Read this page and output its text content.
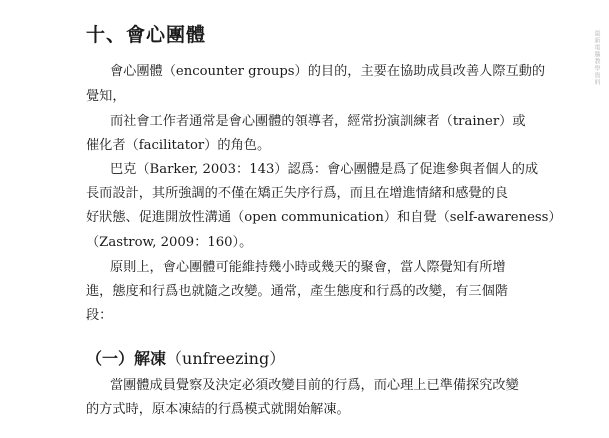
最新電腦教學資料
十、會心團體
會心團體（encounter groups）的目的，主要在協助成員改善人際互動的
覺知，
而社會工作者通常是會心團體的領導者，經常扮演訓練者（trainer）或
催化者（facilitator）的角色。
巴克（Barker, 2003：143）認爲：會心團體是爲了促進參與者個人的成
長而設計，其所強調的不僅在矯正失序行爲，而且在增進情緒和感覺的良
好狀態、促進開放性溝通（open communication）和自覺（self-awareness）
（Zastrow, 2009：160）。
原則上，會心團體可能維持幾小時或幾天的聚會，當人際覺知有所增
進，態度和行爲也就隨之改變。通常，產生態度和行爲的改變，有三個階
段：
（一）解凍（unfreezing）
當團體成員覺察及決定必須改變目前的行爲，而心理上已準備探究改變
的方式時，原本凍結的行爲模式就開始解凍。
